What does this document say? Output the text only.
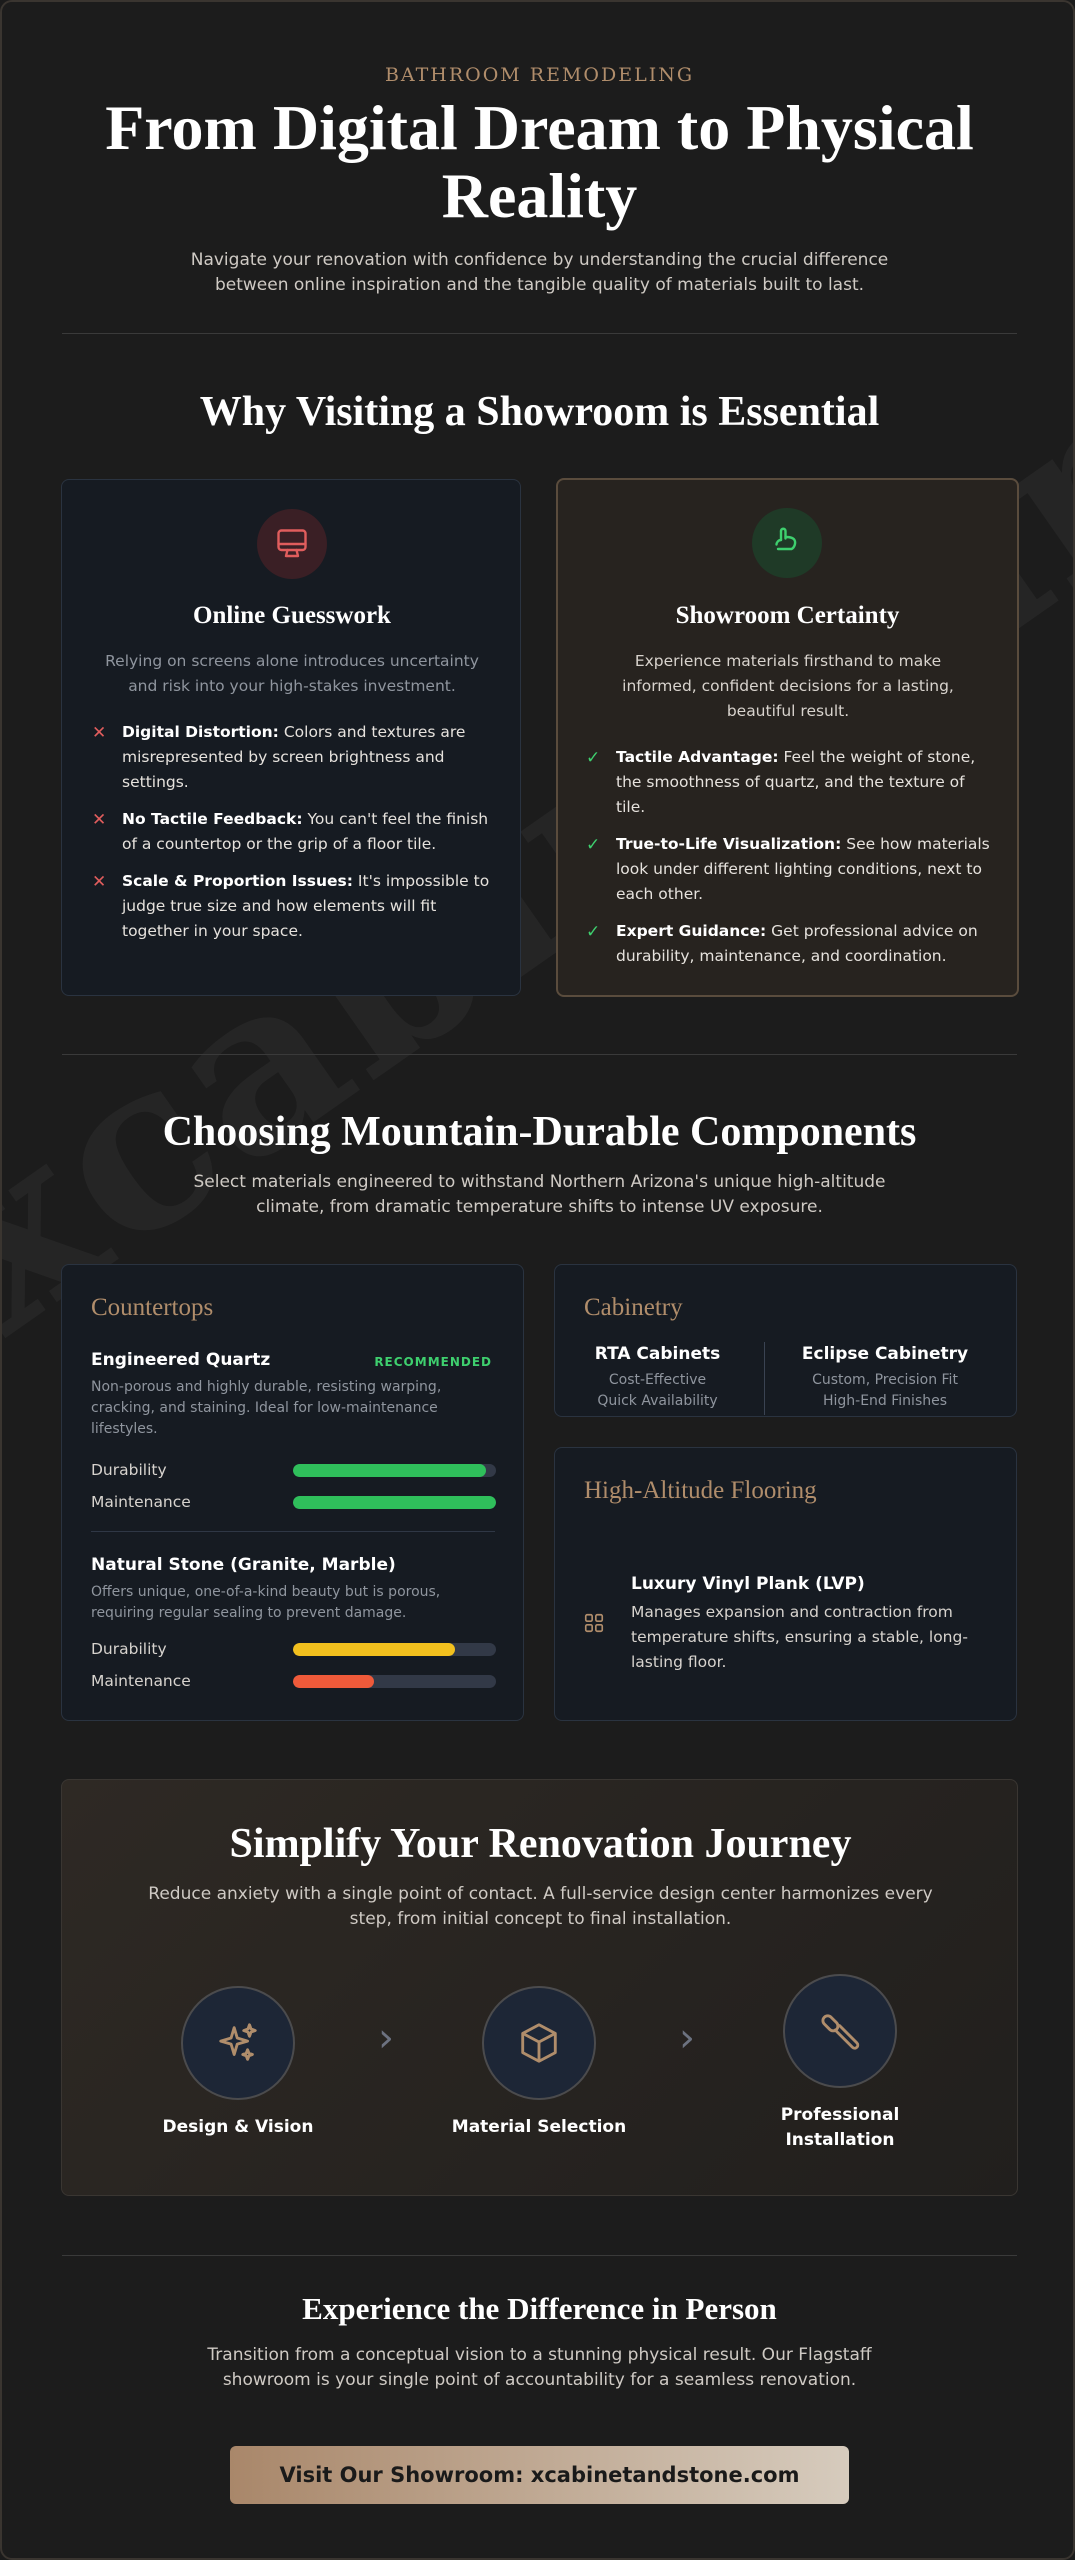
BATHROOM REMODELING
From Digital Dream to Physical Reality
Navigate your renovation with confidence by understanding the crucial difference between online inspiration and the tangible quality of materials built to last.
Why Visiting a Showroom is Essential
Online Guesswork
Relying on screens alone introduces uncertainty and risk into your high-stakes investment.
✕ Digital Distortion: Colors and textures are misrepresented by screen brightness and settings.
✕ No Tactile Feedback: You can't feel the finish of a countertop or the grip of a floor tile.
✕ Scale & Proportion Issues: It's impossible to judge true size and how elements will fit together in your space.
Showroom Certainty
Experience materials firsthand to make informed, confident decisions for a lasting, beautiful result.
✓ Tactile Advantage: Feel the weight of stone, the smoothness of quartz, and the texture of tile.
✓ True-to-Life Visualization: See how materials look under different lighting conditions, next to each other.
✓ Expert Guidance: Get professional advice on durability, maintenance, and coordination.
Choosing Mountain-Durable Components
Select materials engineered to withstand Northern Arizona's unique high-altitude climate, from dramatic temperature shifts to intense UV exposure.
Countertops
Engineered Quartz	RECOMMENDED
Non-porous and highly durable, resisting warping, cracking, and staining. Ideal for low-maintenance lifestyles.
Durability
Maintenance
Natural Stone (Granite, Marble)
Offers unique, one-of-a-kind beauty but is porous, requiring regular sealing to prevent damage.
Durability
Maintenance
Cabinetry
RTA Cabinets
Cost-Effective
Quick Availability
Eclipse Cabinetry
Custom, Precision Fit
High-End Finishes
High-Altitude Flooring
Luxury Vinyl Plank (LVP)
Manages expansion and contraction from temperature shifts, ensuring a stable, long-lasting floor.
Simplify Your Renovation Journey
Reduce anxiety with a single point of contact. A full-service design center harmonizes every step, from initial concept to final installation.
Design & Vision
›
Material Selection
›
Professional Installation
Experience the Difference in Person
Transition from a conceptual vision to a stunning physical result. Our Flagstaff showroom is your single point of accountability for a seamless renovation.
Visit Our Showroom: xcabinetandstone.com
